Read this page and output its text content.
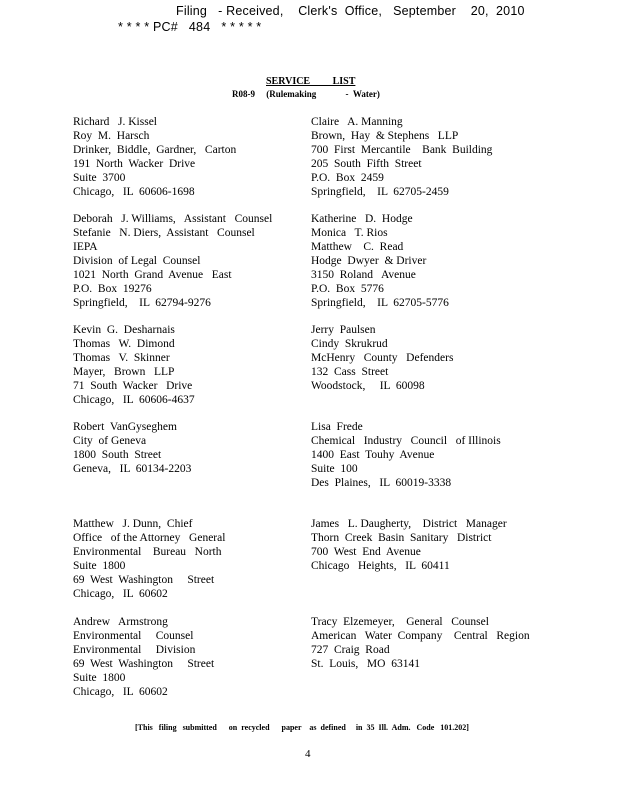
Filing   - Received,    Clerk's  Office,   September    20,  2010
* * * * PC#   484   * * * * *
SERVICE         LIST
R08-9     (Rulemaking             -  Water)
Richard   J. Kissel
Roy  M.  Harsch
Drinker,  Biddle,  Gardner,   Carton
191  North  Wacker  Drive
Suite  3700
Chicago,   IL  60606-1698
Claire   A. Manning
Brown,  Hay  & Stephens   LLP
700  First  Mercantile    Bank  Building
205  South  Fifth  Street
P.O.  Box  2459
Springfield,    IL  62705-2459
Deborah   J. Williams,   Assistant   Counsel
Stefanie   N. Diers,  Assistant   Counsel
IEPA
Division  of Legal  Counsel
1021  North  Grand  Avenue   East
P.O.  Box  19276
Springfield,    IL  62794-9276
Katherine   D.  Hodge
Monica   T. Rios
Matthew    C.  Read
Hodge  Dwyer  & Driver
3150  Roland   Avenue
P.O.  Box  5776
Springfield,    IL  62705-5776
Kevin  G.  Desharnais
Thomas   W.  Dimond
Thomas   V.  Skinner
Mayer,   Brown   LLP
71  South  Wacker   Drive
Chicago,   IL  60606-4637
Jerry  Paulsen
Cindy  Skrukrud
McHenry   County   Defenders
132  Cass  Street
Woodstock,     IL  60098
Robert  VanGyseghem
City  of Geneva
1800  South  Street
Geneva,   IL  60134-2203
Lisa  Frede
Chemical   Industry   Council   of Illinois
1400  East  Touhy  Avenue
Suite  100
Des  Plaines,   IL  60019-3338
Matthew   J. Dunn,  Chief
Office   of the Attorney   General
Environmental    Bureau   North
Suite  1800
69  West  Washington     Street
Chicago,   IL  60602
James   L. Daugherty,    District   Manager
Thorn  Creek  Basin  Sanitary   District
700  West  End  Avenue
Chicago   Heights,   IL  60411
Andrew   Armstrong
Environmental     Counsel
Environmental     Division
69  West  Washington     Street
Suite  1800
Chicago,   IL  60602
Tracy  Elzemeyer,    General   Counsel
American   Water  Company    Central   Region
727  Craig  Road
St.  Louis,   MO  63141
[This   filing   submitted      on  recycled      paper    as  defined     in  35  Ill.  Adm.   Code   101.202]
4
